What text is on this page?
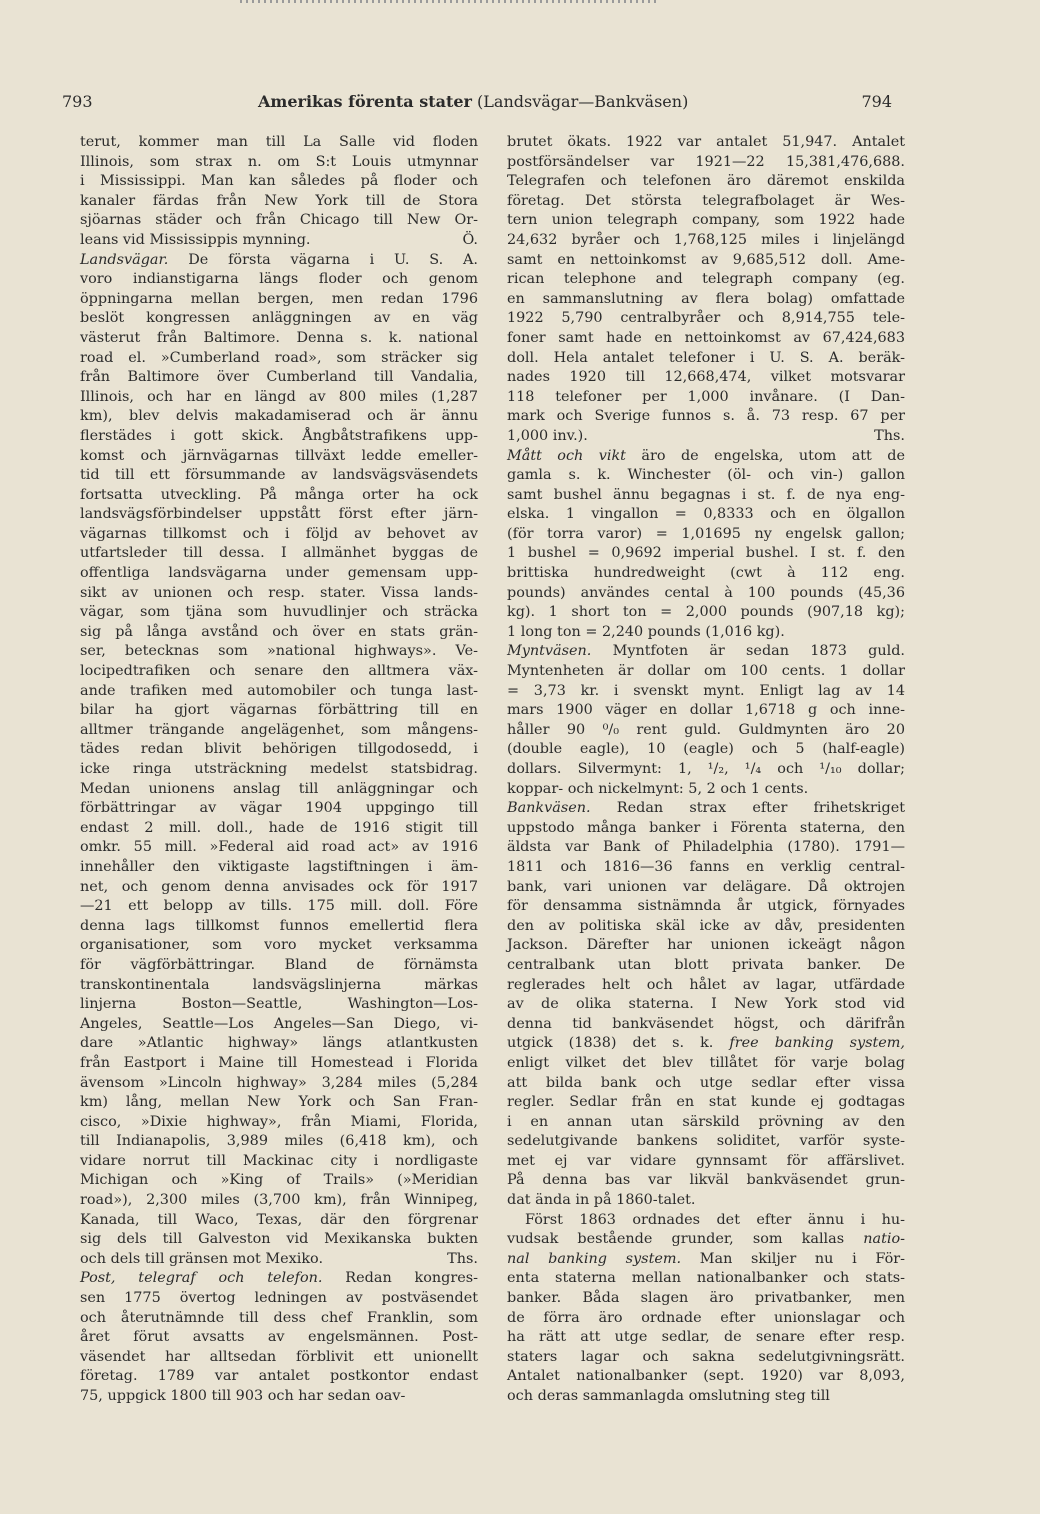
793	Amerikas förenta stater (Landsvägar—Bankväsen)	794

terut, kommer man till La Salle vid floden

Illinois, som strax n. om S:t Louis utmynnar

i Mississippi. Man kan således på floder och

kanaler färdas från New York till de Stora

sjöarnas städer och från Chicago till New Or-

leans vid Mississippis mynning.	Ö.

Landsvägar. De första vägarna i U. S. A.

voro indianstigarna längs floder och genom

öppningarna mellan bergen, men redan 1796

beslöt kongressen anläggningen av en väg

västerut från Baltimore. Denna s. k. national

road el. »Cumberland road», som sträcker sig

från Baltimore över Cumberland till Vandalia,

Illinois, och har en längd av 800 miles (1,287

km), blev delvis makadamiserad och är ännu

flerstädes i gott skick. Ångbåtstrafikens upp-

komst och järnvägarnas tillväxt ledde emeller-

tid till ett försummande av landsvägsväsendets

fortsatta utveckling. På många orter ha ock

landsvägsförbindelser uppstått först efter järn-

vägarnas tillkomst och i följd av behovet av

utfartsleder till dessa. I allmänhet byggas de

offentliga landsvägarna under gemensam upp-

sikt av unionen och resp. stater. Vissa lands-

vägar, som tjäna som huvudlinjer och sträcka

sig på långa avstånd och över en stats grän-

ser, betecknas som »national highways». Ve-

locipedtrafiken och senare den alltmera väx-

ande trafiken med automobiler och tunga last-

bilar ha gjort vägarnas förbättring till en

alltmer trängande angelägenhet, som mångens-

tädes redan blivit behörigen tillgodosedd, i

icke ringa utsträckning medelst statsbidrag.

Medan unionens anslag till anläggningar och

förbättringar av vägar 1904 uppgingo till

endast 2 mill. doll., hade de 1916 stigit till

omkr. 55 mill. »Federal aid road act» av 1916

innehåller den viktigaste lagstiftningen i äm-

net, och genom denna anvisades ock för 1917

—21 ett belopp av tills. 175 mill. doll. Före

denna lags tillkomst funnos emellertid flera

organisationer, som voro mycket verksamma

för vägförbättringar. Bland de förnämsta

transkontinentala landsvägslinjerna märkas

linjerna Boston—Seattle, Washington—Los-

Angeles, Seattle—Los Angeles—San Diego, vi-

dare »Atlantic highway» längs atlantkusten

från Eastport i Maine till Homestead i Florida

ävensom »Lincoln highway» 3,284 miles (5,284

km) lång, mellan New York och San Fran-

cisco, »Dixie highway», från Miami, Florida,

till Indianapolis, 3,989 miles (6,418 km), och

vidare norrut till Mackinac city i nordligaste

Michigan och »King of Trails» (»Meridian

road»), 2,300 miles (3,700 km), från Winnipeg,

Kanada, till Waco, Texas, där den förgrenar

sig dels till Galveston vid Mexikanska bukten

och dels till gränsen mot Mexiko.	Ths.

Post, telegraf och telefon. Redan kongres-

sen 1775 övertog ledningen av postväsendet

och återutnämnde till dess chef Franklin, som

året förut avsatts av engelsmännen. Post-

väsendet har alltsedan förblivit ett unionellt

företag. 1789 var antalet postkontor endast

75, uppgick 1800 till 903 och har sedan oav-

brutet ökats. 1922 var antalet 51,947. Antalet

postförsändelser var 1921—22 15,381,476,688.

Telegrafen och telefonen äro däremot enskilda

företag. Det största telegrafbolaget är Wes-

tern union telegraph company, som 1922 hade

24,632 byråer och 1,768,125 miles i linjelängd

samt en nettoinkomst av 9,685,512 doll. Ame-

rican telephone and telegraph company (eg.

en sammanslutning av flera bolag) omfattade

1922 5,790 centralbyråer och 8,914,755 tele-

foner samt hade en nettoinkomst av 67,424,683

doll. Hela antalet telefoner i U. S. A. beräk-

nades 1920 till 12,668,474, vilket motsvarar

118 telefoner per 1,000 invånare. (I Dan-

mark och Sverige funnos s. å. 73 resp. 67 per

1,000 inv.).	Ths.

Mått och vikt äro de engelska, utom att de

gamla s. k. Winchester (öl- och vin-) gallon

samt bushel ännu begagnas i st. f. de nya eng-

elska. 1 vingallon = 0,8333 och en ölgallon

(för torra varor) = 1,01695 ny engelsk gallon;

1 bushel = 0,9692 imperial bushel. I st. f. den

brittiska hundredweight (cwt à 112 eng.

pounds) användes cental à 100 pounds (45,36

kg). 1 short ton = 2,000 pounds (907,18 kg);

1 long ton = 2,240 pounds (1,016 kg).

Myntväsen. Myntfoten är sedan 1873 guld.

Myntenheten är dollar om 100 cents. 1 dollar

= 3,73 kr. i svenskt mynt. Enligt lag av 14

mars 1900 väger en dollar 1,6718 g och inne-

håller 90 ⁰/₀ rent guld. Guldmynten äro 20

(double eagle), 10 (eagle) och 5 (half-eagle)

dollars. Silvermynt: 1, ¹/₂, ¹/₄ och ¹/₁₀ dollar;

koppar- och nickelmynt: 5, 2 och 1 cents.

Bankväsen. Redan strax efter frihetskriget

uppstodo många banker i Förenta staterna, den

äldsta var Bank of Philadelphia (1780). 1791—

1811 och 1816—36 fanns en verklig central-

bank, vari unionen var delägare. Då oktrojen

för densamma sistnämnda år utgick, förnyades

den av politiska skäl icke av dåv, presidenten

Jackson. Därefter har unionen ickeägt någon

centralbank utan blott privata banker. De

reglerades helt och hålet av lagar, utfärdade

av de olika staterna. I New York stod vid

denna tid bankväsendet högst, och därifrån

utgick (1838) det s. k. free banking system,

enligt vilket det blev tillåtet för varje bolag

att bilda bank och utge sedlar efter vissa

regler. Sedlar från en stat kunde ej godtagas

i en annan utan särskild prövning av den

sedelutgivande bankens soliditet, varför syste-

met ej var vidare gynnsamt för affärslivet.

På denna bas var likväl bankväsendet grun-

dat ända in på 1860-talet.

Först 1863 ordnades det efter ännu i hu-

vudsak bestående grunder, som kallas natio-

nal banking system. Man skiljer nu i För-

enta staterna mellan nationalbanker och stats-

banker. Båda slagen äro privatbanker, men

de förra äro ordnade efter unionslagar och

ha rätt att utge sedlar, de senare efter resp.

staters lagar och sakna sedelutgivningsrätt.

Antalet nationalbanker (sept. 1920) var 8,093,

och deras sammanlagda omslutning steg till
